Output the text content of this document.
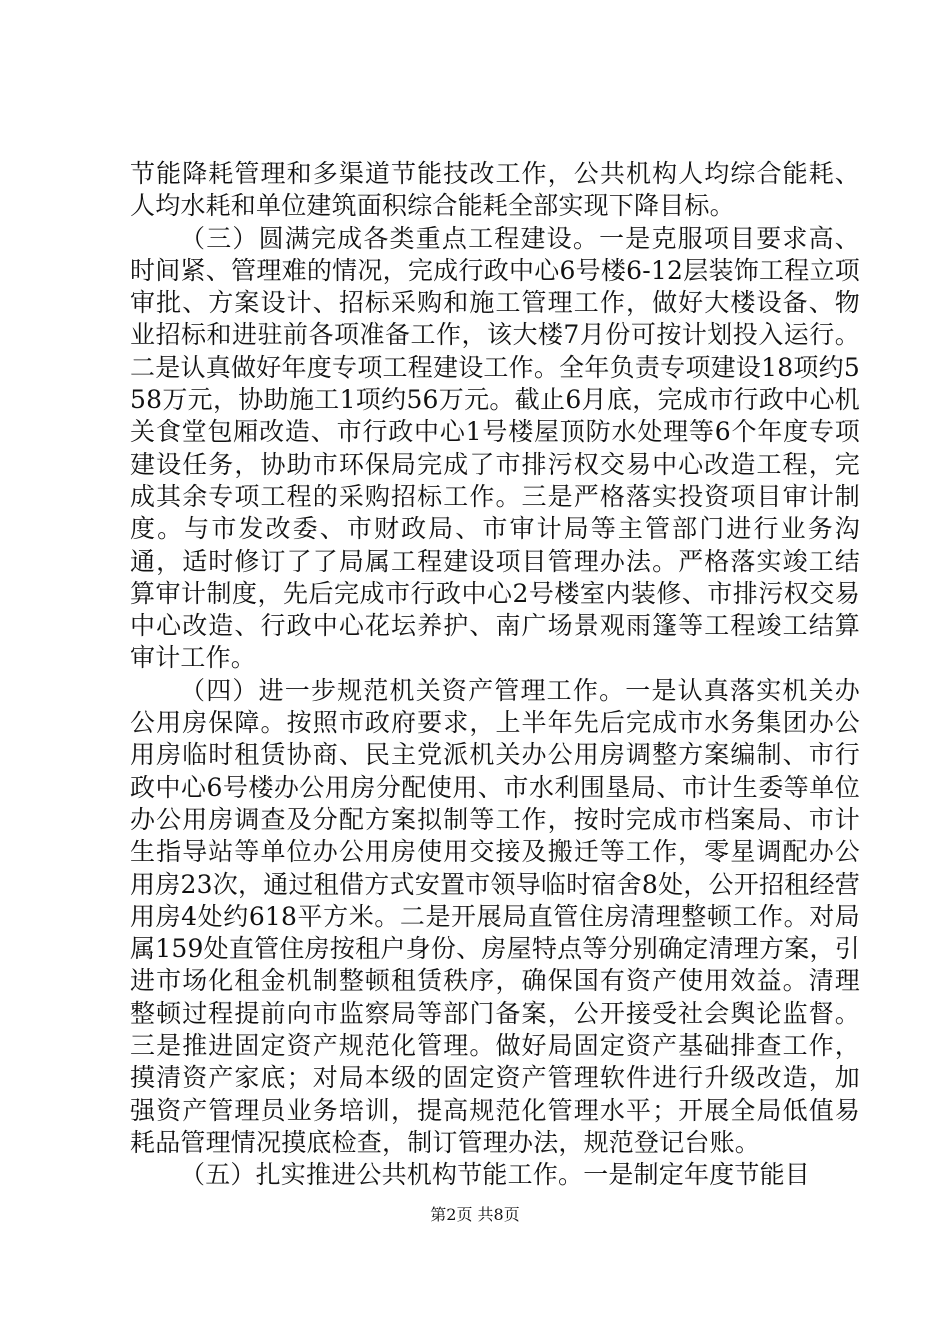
节能降耗管理和多渠道节能技改工作，公共机构人均综合能耗、人均水耗和单位建筑面积综合能耗全部实现下降目标。

（三）圆满完成各类重点工程建设。一是克服项目要求高、时间紧、管理难的情况，完成行政中心6号楼6-12层装饰工程立项审批、方案设计、招标采购和施工管理工作，做好大楼设备、物业招标和进驻前各项准备工作，该大楼7月份可按计划投入运行。二是认真做好年度专项工程建设工作。全年负责专项建设18项约558万元，协助施工1项约56万元。截止6月底，完成市行政中心机关食堂包厢改造、市行政中心1号楼屋顶防水处理等6个年度专项建设任务，协助市环保局完成了市排污权交易中心改造工程，完成其余专项工程的采购招标工作。三是严格落实投资项目审计制度。与市发改委、市财政局、市审计局等主管部门进行业务沟通，适时修订了了局属工程建设项目管理办法。严格落实竣工结算审计制度，先后完成市行政中心2号楼室内装修、市排污权交易中心改造、行政中心花坛养护、南广场景观雨篷等工程竣工结算审计工作。

（四）进一步规范机关资产管理工作。一是认真落实机关办公用房保障。按照市政府要求，上半年先后完成市水务集团办公用房临时租赁协商、民主党派机关办公用房调整方案编制、市行政中心6号楼办公用房分配使用、市水利围垦局、市计生委等单位办公用房调查及分配方案拟制等工作，按时完成市档案局、市计生指导站等单位办公用房使用交接及搬迁等工作，零星调配办公用房23次，通过租借方式安置市领导临时宿舍8处，公开招租经营用房4处约618平方米。二是开展局直管住房清理整顿工作。对局属159处直管住房按租户身份、房屋特点等分别确定清理方案，引进市场化租金机制整顿租赁秩序，确保国有资产使用效益。清理整顿过程提前向市监察局等部门备案，公开接受社会舆论监督。三是推进固定资产规范化管理。做好局固定资产基础排查工作，摸清资产家底；对局本级的固定资产管理软件进行升级改造，加强资产管理员业务培训，提高规范化管理水平；开展全局低值易耗品管理情况摸底检查，制订管理办法，规范登记台账。

（五）扎实推进公共机构节能工作。一是制定年度节能目

第2页 共8页
